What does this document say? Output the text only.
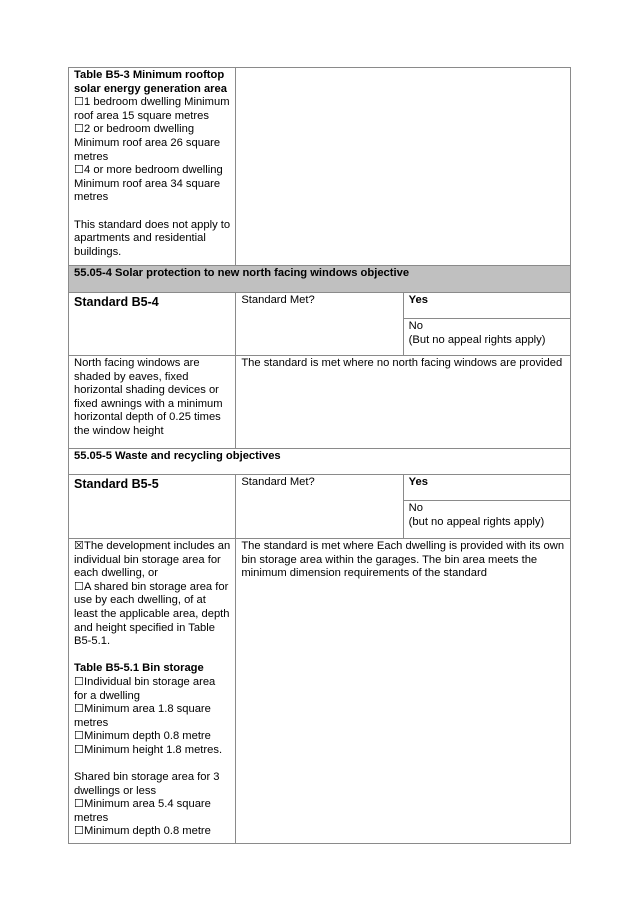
Table B5-3 Minimum rooftop solar energy generation area
☐1 bedroom dwelling Minimum roof area 15 square metres
☐2 or bedroom dwelling Minimum roof area 26 square metres
☐4 or more bedroom dwelling Minimum roof area 34 square metres
This standard does not apply to apartments and residential buildings.		

55.05-4 Solar protection to new north facing windows objective		
Standard B5-4	Standard Met?	Yes

		No
(But no appeal rights apply)

North facing windows are shaded by eaves, fixed horizontal shading devices or fixed awnings with a minimum horizontal depth of 0.25 times the window height	The standard is met where no north facing windows are provided	
55.05-5 Waste and recycling objectives		
Standard B5-5	Standard Met?	Yes

		No
(but no appeal rights apply)

☒The development includes an individual bin storage area for each dwelling, or
☐A shared bin storage area for use by each dwelling, of at least the applicable area, depth and height specified in Table B5-5.1.
Table B5-5.1 Bin storage
☐Individual bin storage area for a dwelling
☐Minimum area 1.8 square metres
☐Minimum depth 0.8 metre
☐Minimum height 1.8 metres.
Shared bin storage area for 3 dwellings or less
☐Minimum area 5.4 square metres
☐Minimum depth 0.8 metre
	The standard is met where Each dwelling is provided with its own bin storage area within the garages. The bin area meets the minimum dimension requirements of the standard
